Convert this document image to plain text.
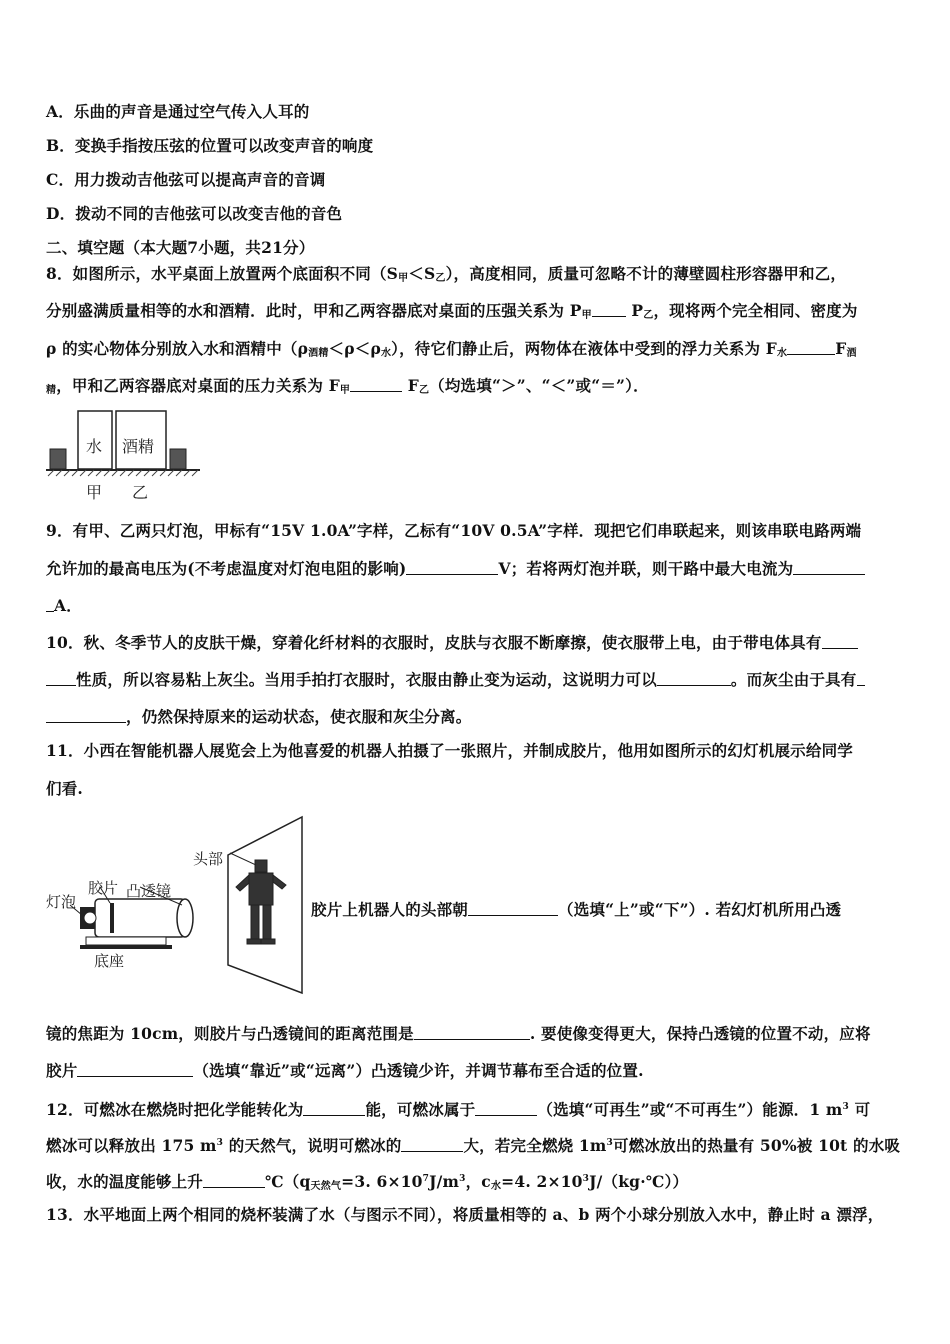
A．乐曲的声音是通过空气传入人耳的
B．变换手指按压弦的位置可以改变声音的响度
C．用力拨动吉他弦可以提高声音的音调
D．拨动不同的吉他弦可以改变吉他的音色
二、填空题（本大题7小题，共21分）
8．如图所示，水平桌面上放置两个底面积不同$(S_甲<S_乙)$，高度相同，质量可忽略不计的薄壁圆柱形容器甲和乙，
分别盛满质量相等的水和酒精．此时，甲和乙两容器底对桌面的压强关系为 $P_甲$	$P_乙$，现将两个完全相同、密度为
ρ 的实心物体分别放入水和酒精中$(\rho_{酒精}<\rho<\rho_水)$，待它们静止后，两物体在液体中受到的浮力关系为 $F_水$	$F_酒$
$_精$，甲和乙两容器底对桌面的压力关系为 $F_甲$	$F_乙$（均选填“＞”、“＜”或“＝”）．
水 酒精
甲 乙
9．有甲、乙两只灯泡，甲标有“15V 1.0A”字样，乙标有“10V 0.5A”字样．现把它们串联起来，则该串联电路两端
允许加的最高电压为(不考虑温度对灯泡电阻的影响)	V；若将两灯泡并联，则干路中最大电流为
A．
10．秋、冬季节人的皮肤干燥，穿着化纤材料的衣服时，皮肤与衣服不断摩擦，使衣服带上电，由于带电体具有
性质，所以容易粘上灰尘。当用手拍打衣服时，衣服由静止变为运动，这说明力可以	。而灰尘由于具有
，仍然保持原来的运动状态，使衣服和灰尘分离。
11．小西在智能机器人展览会上为他喜爱的机器人拍摄了一张照片，并制成胶片，他用如图所示的幻灯机展示给同学
们看.
头部
胶片 凸透镜
灯泡
底座
胶片上机器人的头部朝	（选填“上”或“下”）. 若幻灯机所用凸透
镜的焦距为 10cm，则胶片与凸透镜间的距离范围是	. 要使像变得更大，保持凸透镜的位置不动，应将
胶片	（选填“靠近”或“远离”）凸透镜少许，并调节幕布至合适的位置.
12．可燃冰在燃烧时把化学能转化为	能，可燃冰属于	（选填“可再生”或“不可再生”）能源．1 $m^3$ 可
燃冰可以释放出 175 $m^3$ 的天然气，说明可燃冰的	大，若完全燃烧 $1m^3$可燃冰放出的热量有 50%被 10t 的水吸
收，水的温度能够上升	$℃(q_{天然气}=3$. $6\times 10^7J/m^3$，$c_水=4$. $2\times 10^3J/(kg\cdot℃)$）
13．水平地面上两个相同的烧杯装满了水（与图示不同），将质量相等的 a、b 两个小球分别放入水中，静止时 a 漂浮，
